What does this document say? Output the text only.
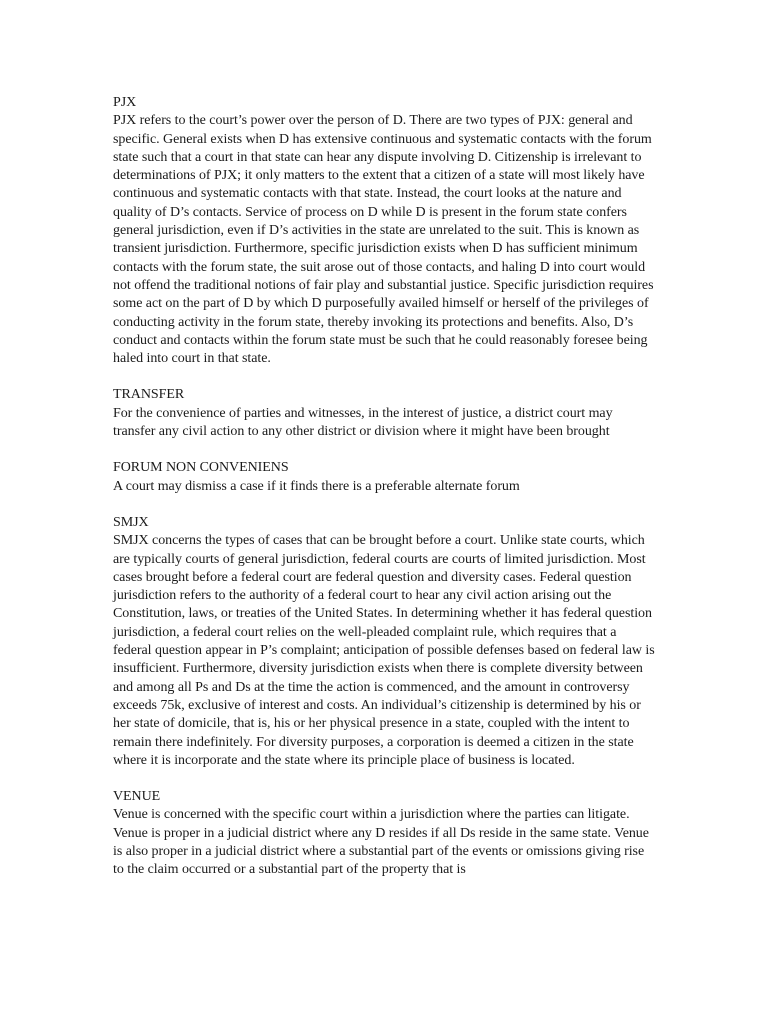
PJX
PJX refers to the court’s power over the person of D. There are two types of PJX: general and specific. General exists when D has extensive continuous and systematic contacts with the forum state such that a court in that state can hear any dispute involving D. Citizenship is irrelevant to determinations of PJX; it only matters to the extent that a citizen of a state will most likely have continuous and systematic contacts with that state. Instead, the court looks at the nature and quality of D’s contacts. Service of process on D while D is present in the forum state confers general jurisdiction, even if D’s activities in the state are unrelated to the suit. This is known as transient jurisdiction. Furthermore, specific jurisdiction exists when D has sufficient minimum contacts with the forum state, the suit arose out of those contacts, and haling D into court would not offend the traditional notions of fair play and substantial justice. Specific jurisdiction requires some act on the part of D by which D purposefully availed himself or herself of the privileges of conducting activity in the forum state, thereby invoking its protections and benefits. Also, D’s conduct and contacts within the forum state must be such that he could reasonably foresee being haled into court in that state.
TRANSFER
For the convenience of parties and witnesses, in the interest of justice, a district court may transfer any civil action to any other district or division where it might have been brought
FORUM NON CONVENIENS
A court may dismiss a case if it finds there is a preferable alternate forum
SMJX
SMJX concerns the types of cases that can be brought before a court. Unlike state courts, which are typically courts of general jurisdiction, federal courts are courts of limited jurisdiction. Most cases brought before a federal court are federal question and diversity cases. Federal question jurisdiction refers to the authority of a federal court to hear any civil action arising out the Constitution, laws, or treaties of the United States. In determining whether it has federal question jurisdiction, a federal court relies on the well-pleaded complaint rule, which requires that a federal question appear in P’s complaint; anticipation of possible defenses based on federal law is insufficient. Furthermore, diversity jurisdiction exists when there is complete diversity between and among all Ps and Ds at the time the action is commenced, and the amount in controversy exceeds 75k, exclusive of interest and costs. An individual’s citizenship is determined by his or her state of domicile, that is, his or her physical presence in a state, coupled with the intent to remain there indefinitely. For diversity purposes, a corporation is deemed a citizen in the state where it is incorporate and the state where its principle place of business is located.
VENUE
Venue is concerned with the specific court within a jurisdiction where the parties can litigate. Venue is proper in a judicial district where any D resides if all Ds reside in the same state. Venue is also proper in a judicial district where a substantial part of the events or omissions giving rise to the claim occurred or a substantial part of the property that is
